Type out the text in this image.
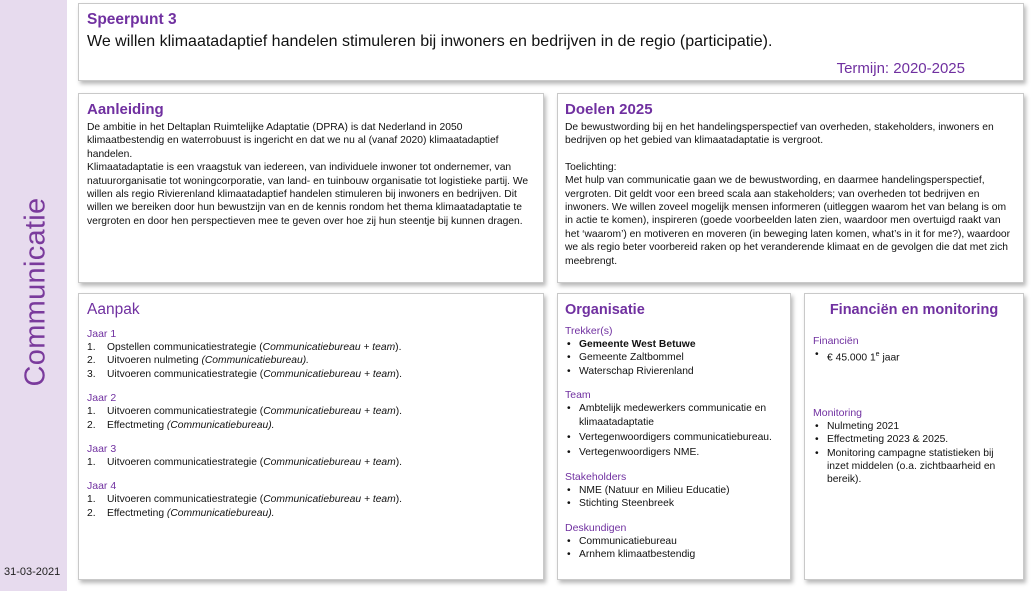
Communicatie
31-03-2021
Speerpunt 3
We willen klimaatadaptief handelen stimuleren bij inwoners en bedrijven in de regio (participatie).
Termijn: 2020-2025
Aanleiding

De ambitie in het Deltaplan Ruimtelijke Adaptatie (DPRA) is dat Nederland in 2050 klimaatbestendig en waterrobuust is ingericht en dat we nu al (vanaf 2020) klimaatadaptief handelen.

Klimaatadaptatie is een vraagstuk van iedereen, van individuele inwoner tot ondernemer, van natuurorganisatie tot woningcorporatie, van land- en tuinbouw organisatie tot logistieke partij. We willen als regio Rivierenland klimaatadaptief handelen stimuleren bij inwoners en bedrijven. Dit willen we bereiken door hun bewustzijn van en de kennis rondom het thema klimaatadaptatie te vergroten en door hen perspectieven mee te geven over hoe zij hun steentje bij kunnen dragen.

Doelen 2025

De bewustwording bij en het handelingsperspectief van overheden, stakeholders, inwoners en bedrijven op het gebied van klimaatadaptatie is vergroot.

Toelichting:

Met hulp van communicatie gaan we de bewustwording, en daarmee handelingsperspectief, vergroten. Dit geldt voor een breed scala aan stakeholders; van overheden tot bedrijven en inwoners. We willen zoveel mogelijk mensen informeren (uitleggen waarom het van belang is om in actie te komen), inspireren (goede voorbeelden laten zien, waardoor men overtuigd raakt van het ‘waarom’) en motiveren en moveren (in beweging laten komen, what’s in it for me?), waardoor we als regio beter voorbereid raken op het veranderende klimaat en de gevolgen die dat met zich meebrengt.

Aanpak
Jaar 1
1. Opstellen communicatiestrategie (Communicatiebureau + team).
2. Uitvoeren nulmeting (Communicatiebureau).
3. Uitvoeren communicatiestrategie (Communicatiebureau + team).
Jaar 2
1. Uitvoeren communicatiestrategie (Communicatiebureau + team).
2. Effectmeting (Communicatiebureau).
Jaar 3
1. Uitvoeren communicatiestrategie (Communicatiebureau + team).
Jaar 4
1. Uitvoeren communicatiestrategie (Communicatiebureau + team).
2. Effectmeting (Communicatiebureau).
Organisatie
Trekker(s)
• Gemeente West Betuwe
• Gemeente Zaltbommel
• Waterschap Rivierenland
Team
• Ambtelijk medewerkers communicatie en klimaatadaptatie
• Vertegenwoordigers communicatiebureau.
• Vertegenwoordigers NME.
Stakeholders
• NME (Natuur en Milieu Educatie)
• Stichting Steenbreek
Deskundigen
• Communicatiebureau
• Arnhem klimaatbestendig
Financiën en monitoring
Financiën
• € 45.000 1e jaar
Monitoring
• Nulmeting 2021
• Effectmeting 2023 & 2025.
• Monitoring campagne statistieken bij inzet middelen (o.a. zichtbaarheid en bereik).
